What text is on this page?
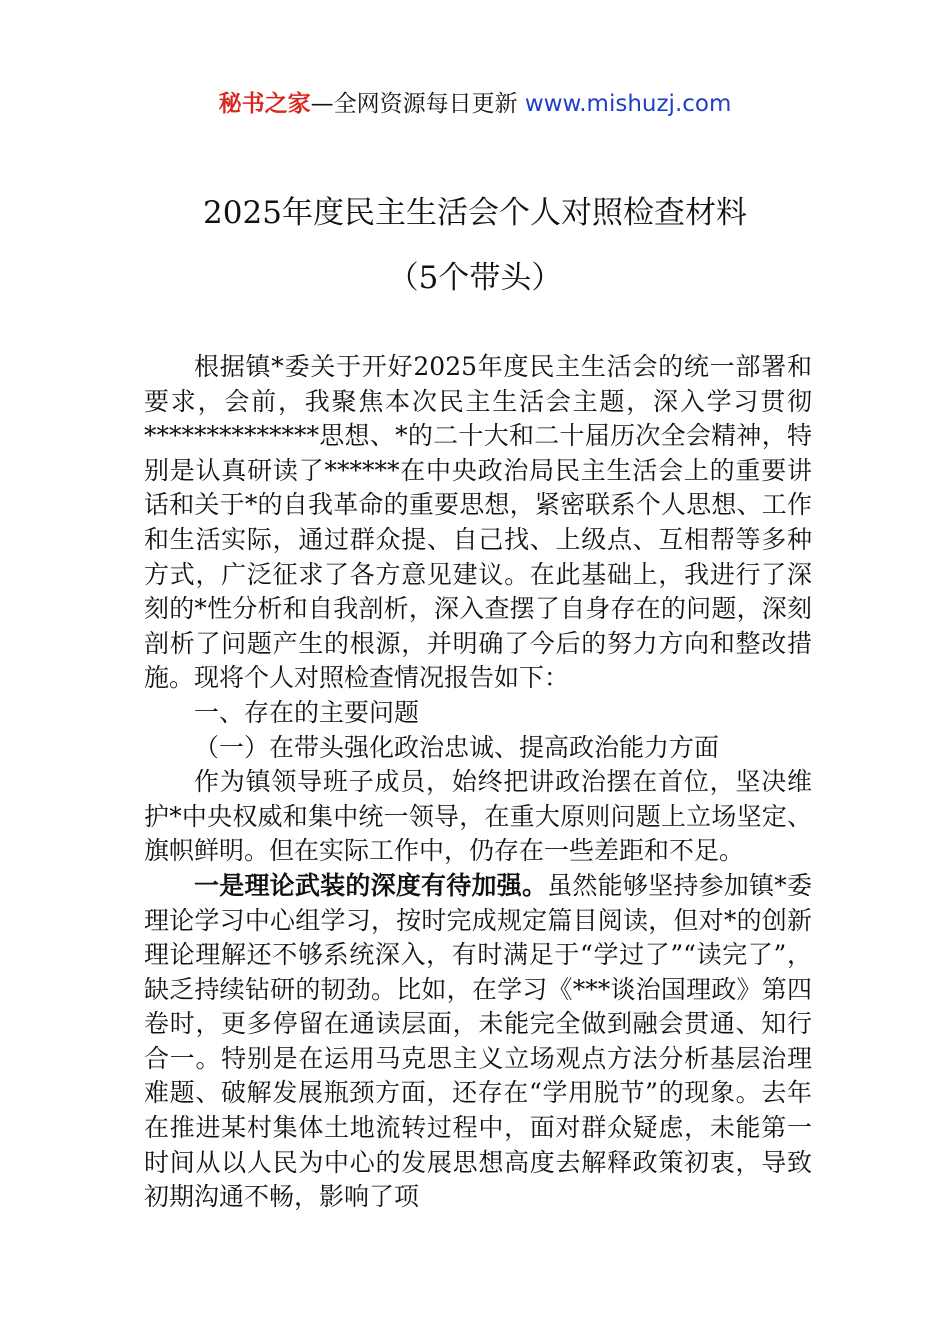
秘书之家—全网资源每日更新 www.mishuzj.com
2025年度民主生活会个人对照检查材料
（5个带头）

根据镇*委关于开好2025年度民主生活会的统一部署和要求，会前，我聚焦本次民主生活会主题，深入学习贯彻**************思想、*的二十大和二十届历次全会精神，特别是认真研读了******在中央政治局民主生活会上的重要讲话和关于*的自我革命的重要思想，紧密联系个人思想、工作和生活实际，通过群众提、自己找、上级点、互相帮等多种方式，广泛征求了各方意见建议。在此基础上，我进行了深刻的*性分析和自我剖析，深入查摆了自身存在的问题，深刻剖析了问题产生的根源，并明确了今后的努力方向和整改措施。现将个人对照检查情况报告如下：

一、存在的主要问题

（一）在带头强化政治忠诚、提高政治能力方面

作为镇领导班子成员，始终把讲政治摆在首位，坚决维护*中央权威和集中统一领导，在重大原则问题上立场坚定、旗帜鲜明。但在实际工作中，仍存在一些差距和不足。

一是理论武装的深度有待加强。虽然能够坚持参加镇*委理论学习中心组学习，按时完成规定篇目阅读，但对*的创新理论理解还不够系统深入，有时满足于“学过了”“读完了”，缺乏持续钻研的韧劲。比如，在学习《***谈治国理政》第四卷时，更多停留在通读层面，未能完全做到融会贯通、知行合一。特别是在运用马克思主义立场观点方法分析基层治理难题、破解发展瓶颈方面，还存在“学用脱节”的现象。去年在推进某村集体土地流转过程中，面对群众疑虑，未能第一时间从以人民为中心的发展思想高度去解释政策初衷，导致初期沟通不畅，影响了项
